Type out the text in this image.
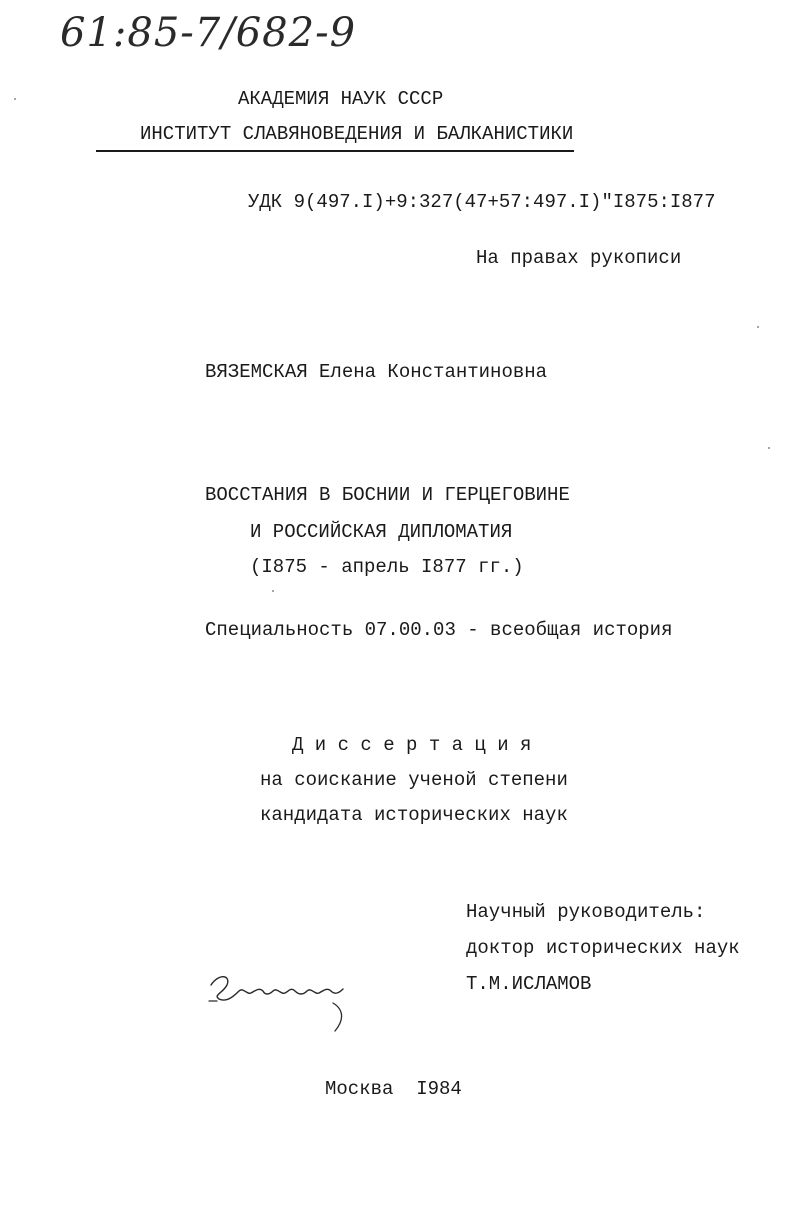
61:85-7/682-9
АКАДЕМИЯ НАУК СССР
ИНСТИТУТ СЛАВЯНОВЕДЕНИЯ И БАЛКАНИСТИКИ
УДК 9(497.I)+9:327(47+57:497.I)"I875:I877
На правах рукописи
ВЯЗЕМСКАЯ Елена Константиновна
ВОССТАНИЯ В БОСНИИ И ГЕРЦЕГОВИНЕ
И РОССИЙСКАЯ ДИПЛОМАТИЯ
(I875 - апрель I877 гг.)
Специальность 07.00.03 - всеобщая история
Д и с с е р т а ц и я
на соискание ученой степени
кандидата исторических наук
Научный руководитель:
доктор исторических наук
Т.М.ИСЛАМОВ
Москва  I984
